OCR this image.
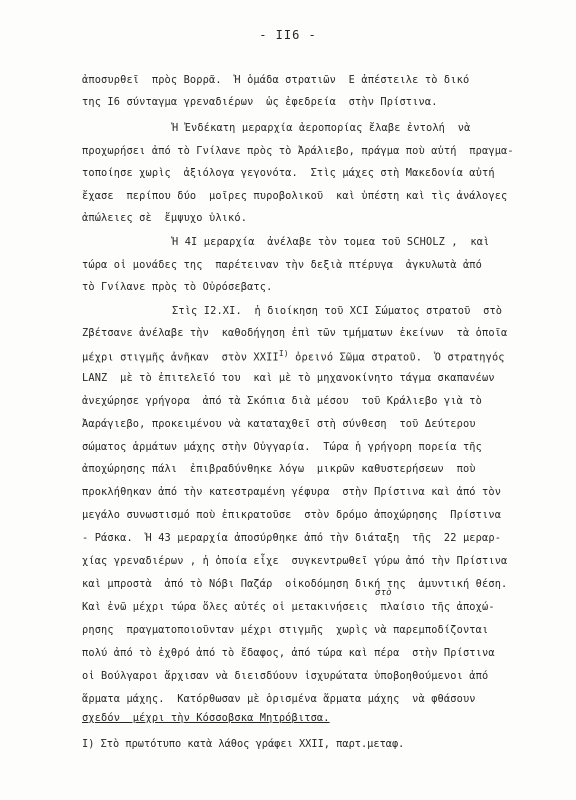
- II6 -
ἀποσυρθεῖ  πρὸς Βορρᾶ.  Ἡ ὁμάδα στρατιῶν  Ε ἀπέστειλε τὸ δικό
της Ι6 σύνταγμα γρεναδιέρων  ὡς ἐφεδρεία  στὴν Πρίστινα.
Ἡ Ἐνδέκατη μεραρχία ἀεροπορίας ἔλαβε ἐντολή  νὰ
προχωρήσει ἀπό τὸ Γνίλανε πρὸς τὸ Ἀράλιεβο, πράγμα ποὺ αὐτή  πραγμα-
τοποίησε χωρὶς  ἀξιόλογα γεγονότα.  Στὶς μάχες στὴ Μακεδονία αὐτή
ἔχασε  περίπου δύο  μοῖρες πυροβολικοῦ  καὶ ὑπέστη καὶ τὶς ἀνάλογες
ἀπώλειες σὲ  ἔμψυχο ὑλικό.
Ἡ 4Ι μεραρχία  ἀνέλαβε τὸν τομεα τοῦ SCHOLZ ,  καὶ
τώρα οἱ μονάδες της  παρέτειναν τὴν δεξιὰ πτέρυγα  ἀγκυλωτὰ ἀπό
τὸ Γνίλανε πρὸς τὸ Οὐρόσεβατς.
Στὶς Ι2.ΧΙ.  ἡ διοίκηση τοῦ ΧCI Σώματος στρατοῦ  στὸ
Ζβέτσανε ἀνέλαβε τὴν  καθοδήγηση ἐπὶ τῶν τμήματων ἐκείνων  τὰ ὁποῖα
μέχρι στιγμῆς ἀνῆκαν  στὸν $XXII^{I)}$ ὀρεινό Σῶμα στρατοῦ.  Ὁ στρατηγός
LANZ  μὲ τὸ ἐπιτελεῖό του  καὶ μὲ τὸ μηχανοκίνητο τάγμα σκαπανέων
ἀνεχώρησε γρήγορα  ἀπό τὰ Σκόπια διὰ μέσου  τοῦ Κράλιεβο γιὰ τὸ
Ἀαράγιεβο, προκειμένου νὰ καταταχθεῖ στὴ σύνθεση  τοῦ Δεύτερου
σώματος ἁρμάτων μάχης στὴν Οὐγγαρία.  Τώρα ἡ γρήγορη πορεία τῆς
ἀποχώρησης πάλι  ἐπιβραδύνθηκε λόγω  μικρῶν καθυστερήσεων  ποὺ
προκλήθηκαν ἀπό τὴν κατεστραμένη γέφυρα  στὴν Πρίστινα καὶ ἀπό τὸν
μεγάλο συνωστισμό ποὺ ἐπικρατοῦσε  στὸν δρόμο ἀποχώρησης  Πρίστινα
- Ράσκα.  Ἡ 43 μεραρχία ἀποσύρθηκε ἀπό τὴν διάταξη  τῆς  22 μεραρ-
χίας γρεναδιέρων , ἡ ὁποία εἶχε  συγκεντρωθεῖ γύρω ἀπό τὴν Πρίστινα
καὶ μπροστὰ  ἀπό τὸ Νόβι Παζάρ  οἰκοδόμηση δική της  ἀμυντική θέση.
στὸ
Καὶ ἐνῶ μέχρι τώρα ὅλες αὐτές οἱ μετακινήσεις  πλαίσιο τῆς ἀποχώ-
ρησης  πραγματοποιοῦνταν μέχρι στιγμῆς  χωρὶς νὰ παρεμποδίζονται
πολύ ἀπό τὸ ἐχθρό ἀπό τὸ ἔδαφος, ἀπό τώρα καὶ πέρα  στὴν Πρίστινα
οἱ Βούλγαροι ἄρχισαν νὰ διεισδύουν ἰσχυρώτατα ὑποβοηθούμενοι ἀπό
ἅρματα μάχης.  Κατόρθωσαν μὲ ὁρισμένα ἅρματα μάχης  νὰ φθάσουν
σχεδόν  μέχρι τὴν Κόσσοβσκα Μητρόβιτσα.
I) Στὸ πρωτότυπο κατὰ λάθος γράφει ΧΧΙΙ, παρτ.μεταφ.
